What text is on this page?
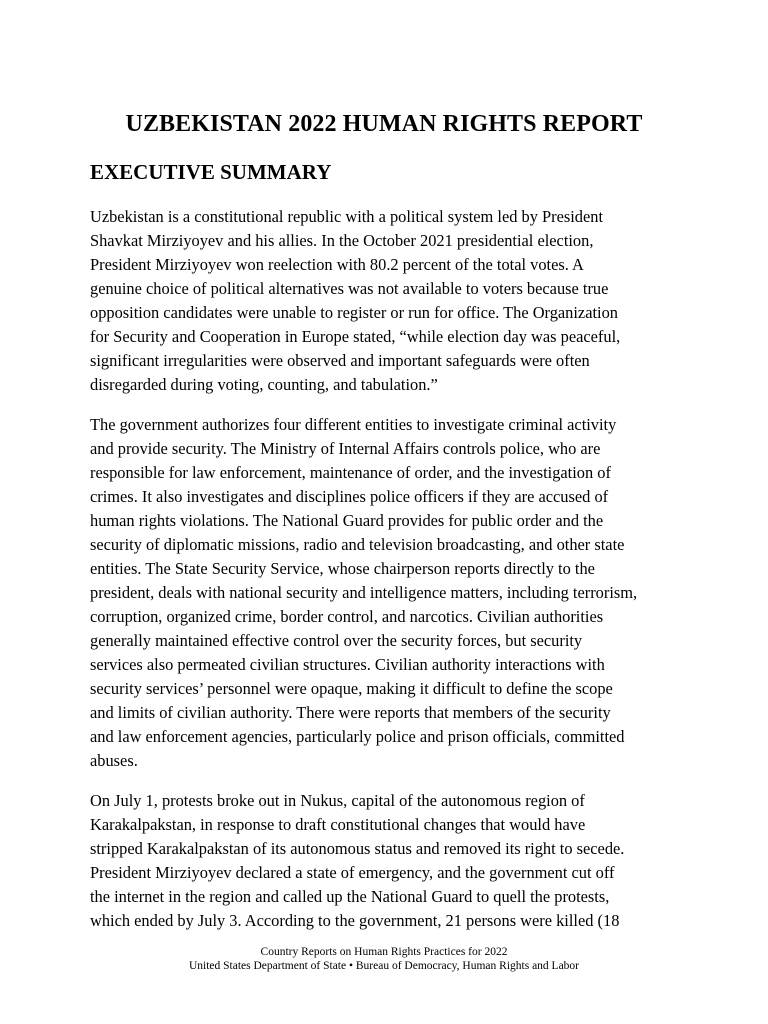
UZBEKISTAN 2022 HUMAN RIGHTS REPORT
EXECUTIVE SUMMARY

Uzbekistan is a constitutional republic with a political system led by President
Shavkat Mirziyoyev and his allies. In the October 2021 presidential election,
President Mirziyoyev won reelection with 80.2 percent of the total votes. A
genuine choice of political alternatives was not available to voters because true
opposition candidates were unable to register or run for office. The Organization
for Security and Cooperation in Europe stated, “while election day was peaceful,
significant irregularities were observed and important safeguards were often
disregarded during voting, counting, and tabulation.”

The government authorizes four different entities to investigate criminal activity
and provide security. The Ministry of Internal Affairs controls police, who are
responsible for law enforcement, maintenance of order, and the investigation of
crimes. It also investigates and disciplines police officers if they are accused of
human rights violations. The National Guard provides for public order and the
security of diplomatic missions, radio and television broadcasting, and other state
entities. The State Security Service, whose chairperson reports directly to the
president, deals with national security and intelligence matters, including terrorism,
corruption, organized crime, border control, and narcotics. Civilian authorities
generally maintained effective control over the security forces, but security
services also permeated civilian structures. Civilian authority interactions with
security services’ personnel were opaque, making it difficult to define the scope
and limits of civilian authority. There were reports that members of the security
and law enforcement agencies, particularly police and prison officials, committed
abuses.

On July 1, protests broke out in Nukus, capital of the autonomous region of
Karakalpakstan, in response to draft constitutional changes that would have
stripped Karakalpakstan of its autonomous status and removed its right to secede.
President Mirziyoyev declared a state of emergency, and the government cut off
the internet in the region and called up the National Guard to quell the protests,
which ended by July 3. According to the government, 21 persons were killed (18

Country Reports on Human Rights Practices for 2022
United States Department of State • Bureau of Democracy, Human Rights and Labor
